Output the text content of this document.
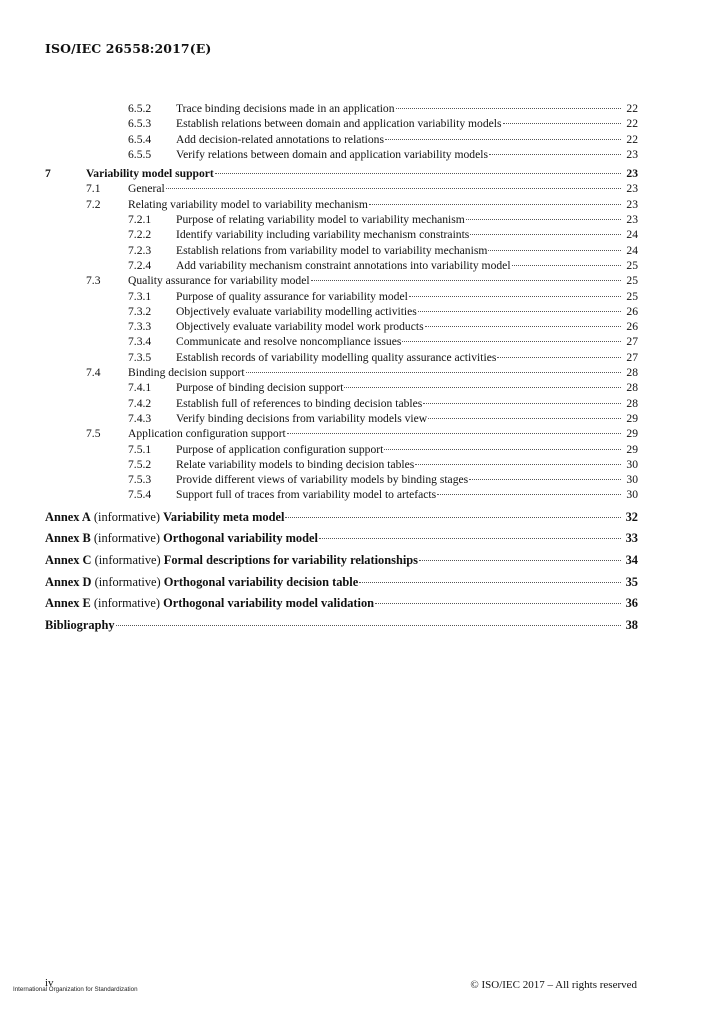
ISO/IEC 26558:2017(E)
6.5.2 Trace binding decisions made in an application	22
6.5.3 Establish relations between domain and application variability models	22
6.5.4 Add decision-related annotations to relations	22
6.5.5 Verify relations between domain and application variability models	23
7	Variability model support	23
7.1 General	23
7.2 Relating variability model to variability mechanism	23
7.2.1 Purpose of relating variability model to variability mechanism	23
7.2.2 Identify variability including variability mechanism constraints	24
7.2.3 Establish relations from variability model to variability mechanism	24
7.2.4 Add variability mechanism constraint annotations into variability model	25
7.3 Quality assurance for variability model	25
7.3.1 Purpose of quality assurance for variability model	25
7.3.2 Objectively evaluate variability modelling activities	26
7.3.3 Objectively evaluate variability model work products	26
7.3.4 Communicate and resolve noncompliance issues	27
7.3.5 Establish records of variability modelling quality assurance activities	27
7.4 Binding decision support	28
7.4.1 Purpose of binding decision support	28
7.4.2 Establish full of references to binding decision tables	28
7.4.3 Verify binding decisions from variability models view	29
7.5 Application configuration support	29
7.5.1 Purpose of application configuration support	29
7.5.2 Relate variability models to binding decision tables	30
7.5.3 Provide different views of variability models by binding stages	30
7.5.4 Support full of traces from variability model to artefacts	30
Annex A (informative) Variability meta model	32
Annex B (informative) Orthogonal variability model	33
Annex C (informative) Formal descriptions for variability relationships	34
Annex D (informative) Orthogonal variability decision table	35
Annex E (informative) Orthogonal variability model validation	36
Bibliography	38
iv
International Organization for Standardization	© ISO/IEC 2017 – All rights reserved
